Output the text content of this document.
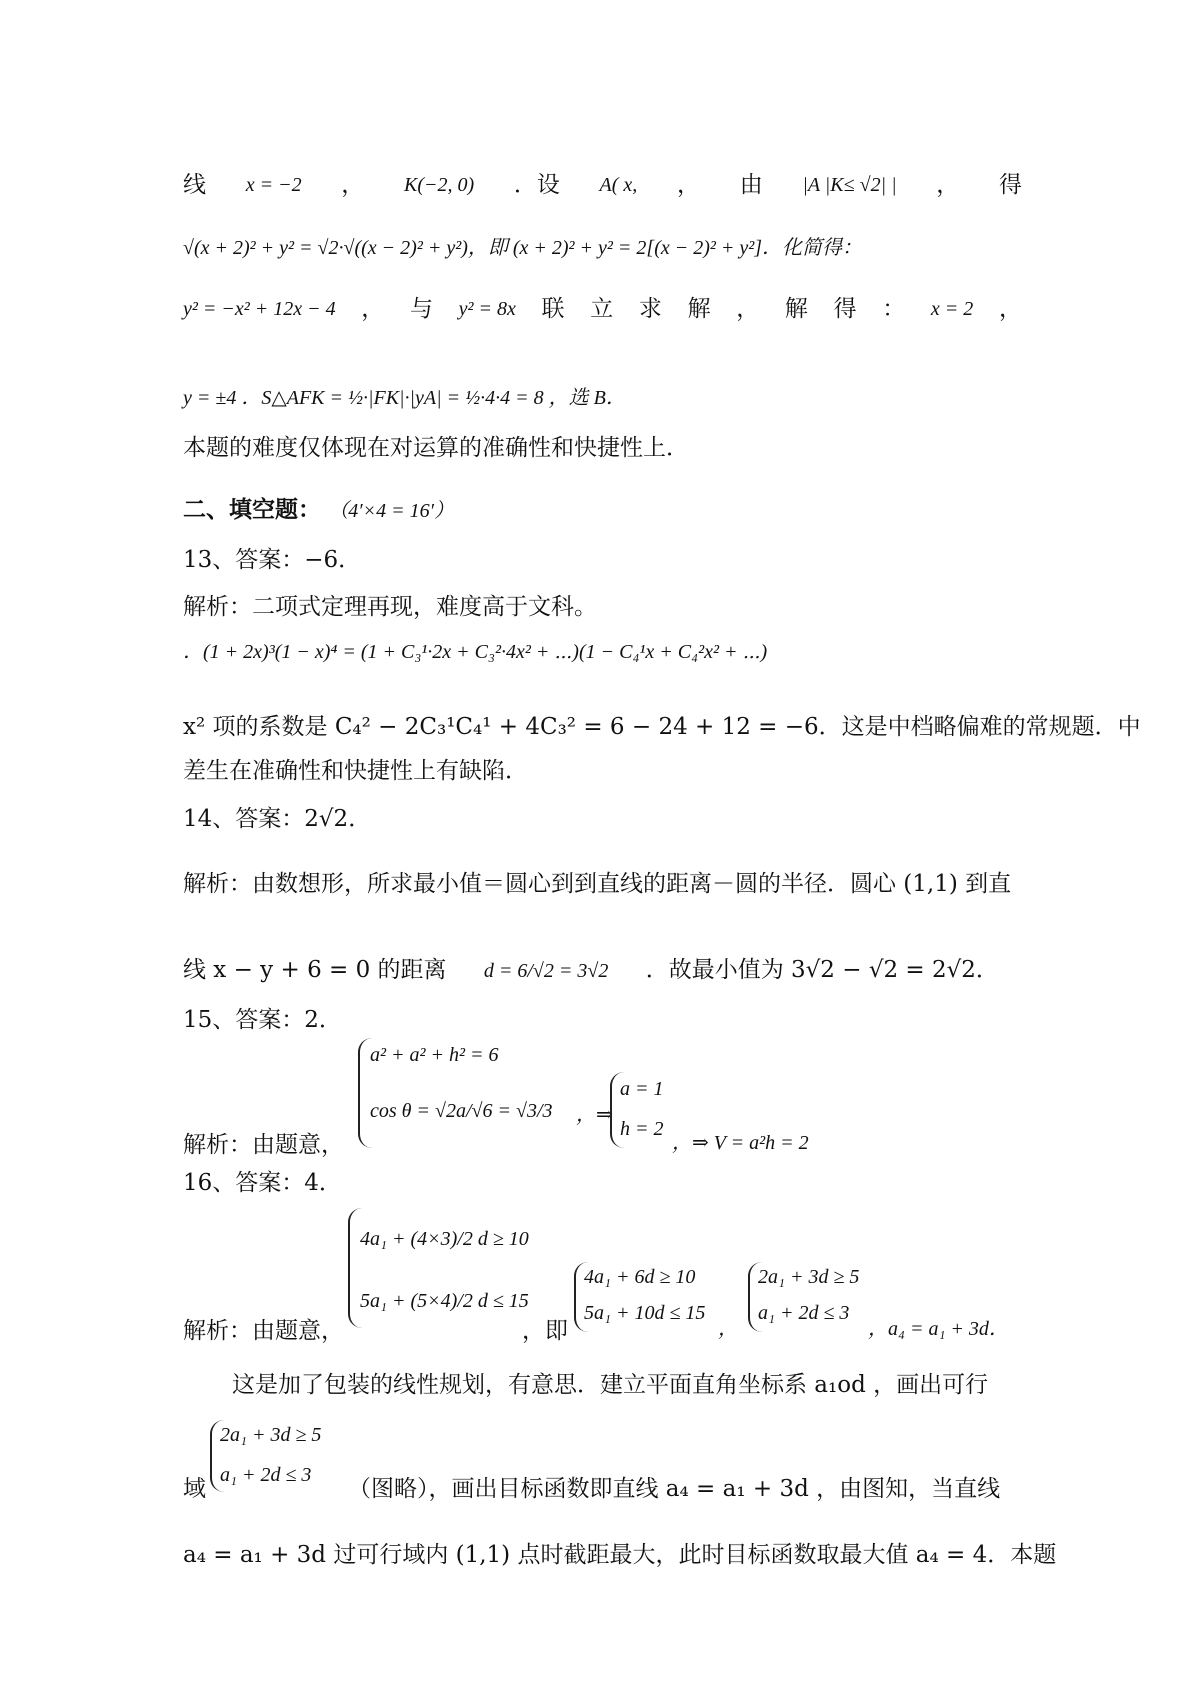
线 x = −2 ， K(−2, 0) ．设 A( x, ， 由 |A |K≤ √2| | ， 得
√(x + 2)² + y² = √2·√((x − 2)² + y²)，即 (x + 2)² + y² = 2[(x − 2)² + y²]．化简得：
y² = −x² + 12x − 4 ， 与 y² = 8x 联 立 求 解 ， 解 得 ： x = 2 ，
y = ±4 ．S△AFK = ½·|FK|·|yA| = ½·4·4 = 8 ，选 B．
本题的难度仅体现在对运算的准确性和快捷性上．
二、填空题： （4′×4 = 16′）
13、答案：−6．
解析：二项式定理再现，难度高于文科。
．(1 + 2x)³(1 − x)⁴ = (1 + C₃¹·2x + C₃²·4x² + ⋯)(1 − C₄¹x + C₄²x² + ⋯)
x² 项的系数是 C₄² − 2C₃¹C₄¹ + 4C₃² = 6 − 24 + 12 = −6．这是中档略偏难的常规题．中
差生在准确性和快捷性上有缺陷．
14、答案：2√2．
解析：由数想形，所求最小值＝圆心到到直线的距离－圆的半径．圆心 (1,1) 到直
线 x − y + 6 = 0 的距离 d = 6/√2 = 3√2 ．故最小值为 3√2 − √2 = 2√2．
15、答案：2．
解析：由题意，
a² + a² + h² = 6
cos θ = √2a/√6 = √3/3 ，⇒
a = 1
h = 2
，⇒ V = a²h = 2
16、答案：4．
解析：由题意，
4a₁ + (4×3)/2 d ≥ 10
5a₁ + (5×4)/2 d ≤ 15
，即
4a₁ + 6d ≥ 10
5a₁ + 10d ≤ 15
，
2a₁ + 3d ≥ 5
a₁ + 2d ≤ 3
，a₄ = a₁ + 3d．
这是加了包装的线性规划，有意思．建立平面直角坐标系 a₁od ，画出可行
域
2a₁ + 3d ≥ 5
a₁ + 2d ≤ 3
（图略），画出目标函数即直线 a₄ = a₁ + 3d ，由图知，当直线
a₄ = a₁ + 3d 过可行域内 (1,1) 点时截距最大，此时目标函数取最大值 a₄ = 4．本题
